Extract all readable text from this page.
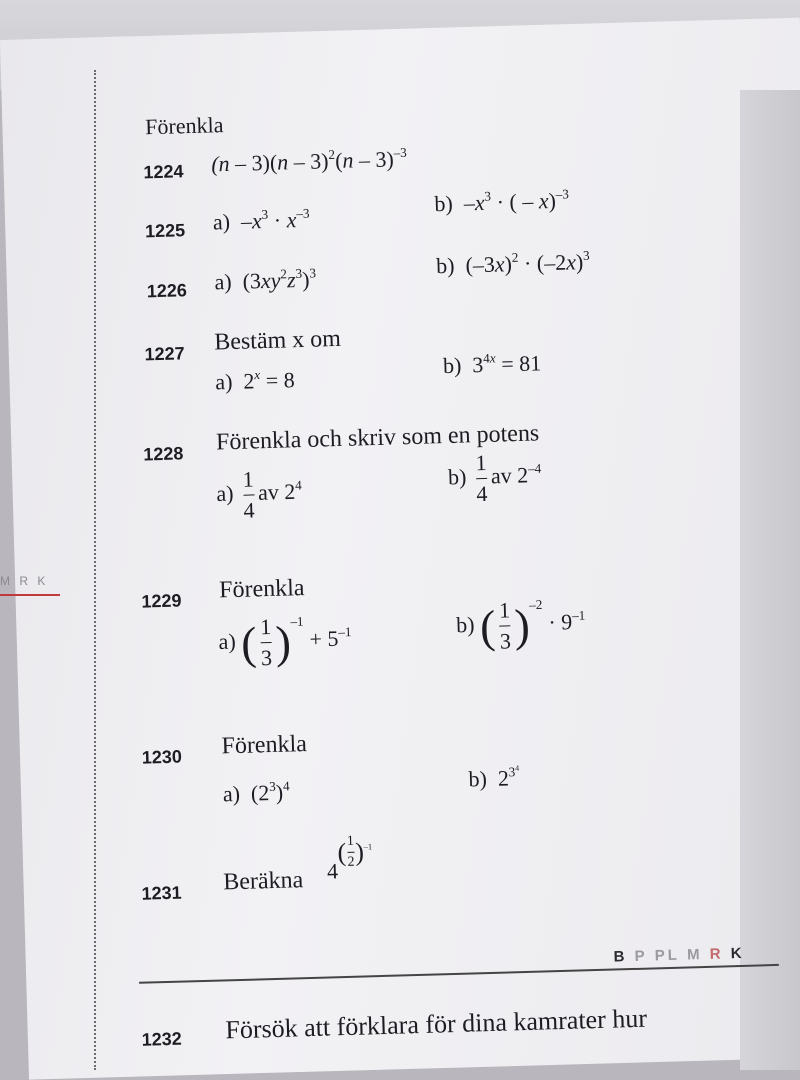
M R K
Förenkla
1224 (n – 3)(n – 3)$^2$(n – 3)$^{-3}$
1225 a)  $-x^3 \cdot x^{-3}$	b)  $-x^3$ · ( – x)$^{-3}$
1226 a)  $(3xy^2z^3)^3$	b)  $(-3x)^2 \cdot (-2x)^3$
1227 Bestäm x om
a)  $2^x = 8$
b)  $3^{4x} = 81$
1228 Förenkla och skriv som en potens
$a) \frac{1}{4}$ av $2^4$	$b) \frac{1}{4}$ av $2^{-4}$
1229 Förenkla
a) ( $\frac{1}{3} )^{-1} + 5^{-1}$	b) ( $\frac{1}{3} )^{-2} \cdot 9^{-1}$
1230 Förenkla
a)  $(2^3)^4$	b)  $2^{3^4}$
1231 Beräkna $4^{( \frac{1}{2} )^{-1}}$
B P PL M R K
1232 Försök att förklara för dina kamrater hur
